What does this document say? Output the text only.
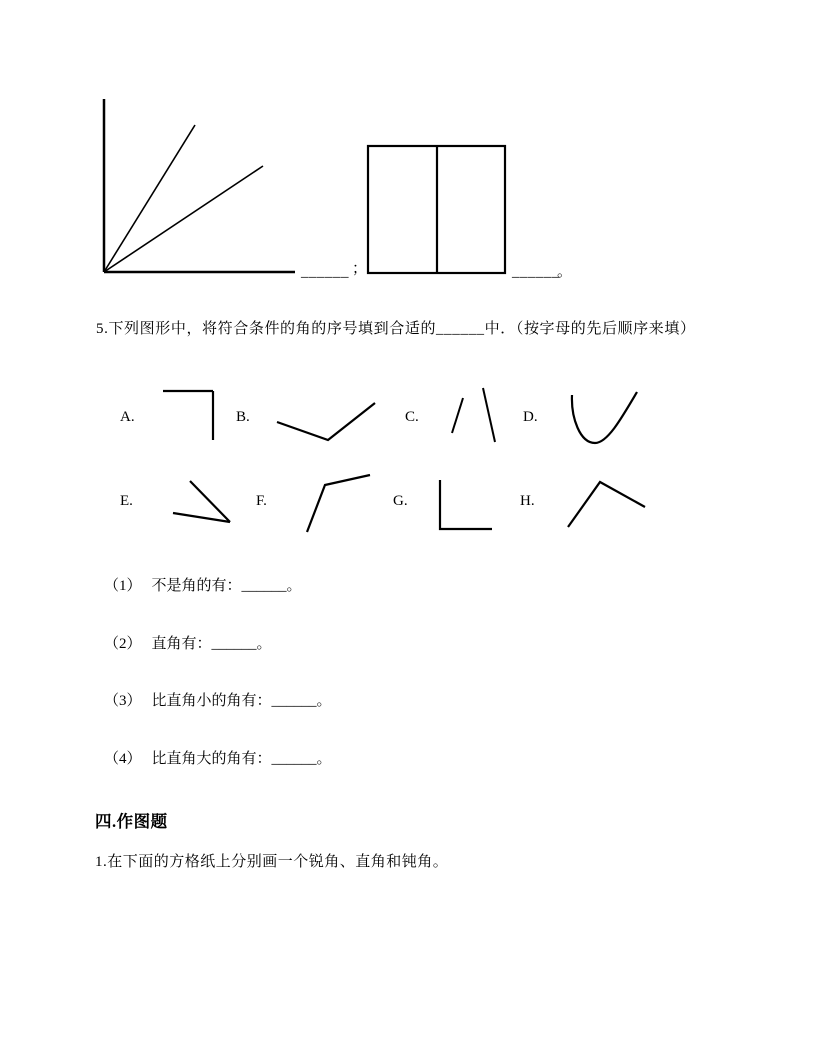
______ ；	______
。
5.下列图形中，将符合条件的角的序号填到合适的______中．（按字母的先后顺序来填）
A.	B.	C.	D.
E.	F.	G.	H.
（1） 不是角的有：______。
（2） 直角有：______。
（3） 比直角小的角有：______。
（4） 比直角大的角有：______。
四.作图题
1.在下面的方格纸上分别画一个锐角、直角和钝角。
